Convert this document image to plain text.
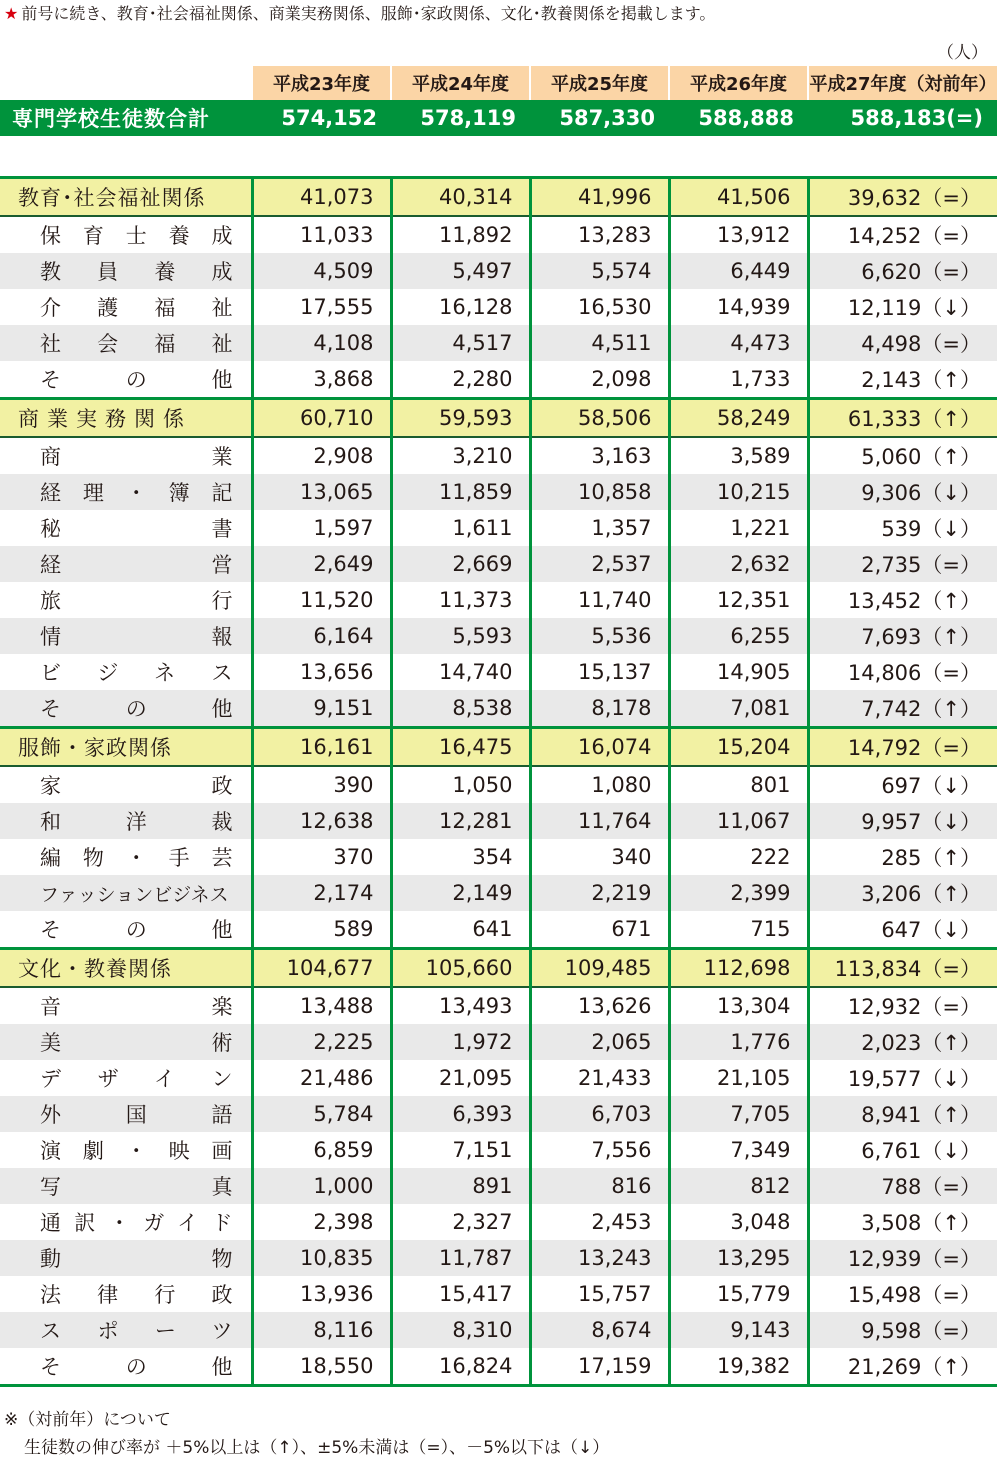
★ 前号に続き、教育･社会福祉関係、商業実務関係、服飾･家政関係、文化･教養関係を掲載します。
（人）
	平成23年度	平成24年度	平成25年度	平成26年度	平成27年度（対前年）
専門学校生徒数合計	574,152	578,119	587,330	588,888	588,183(=)

教育･社会福祉関係	41,073	40,314	41,996	41,506	39,632（=）
保育士養成	11,033	11,892	13,283	13,912	14,252（=）
教員養成	4,509	5,497	5,574	6,449	6,620（=）
介護福祉	17,555	16,128	16,530	14,939	12,119（↓）
社会福祉	4,108	4,517	4,511	4,473	4,498（=）
その他	3,868	2,280	2,098	1,733	2,143（↑）
商業実務関係	60,710	59,593	58,506	58,249	61,333（↑）
商業	2,908	3,210	3,163	3,589	5,060（↑）
経理・簿記	13,065	11,859	10,858	10,215	9,306（↓）
秘書	1,597	1,611	1,357	1,221	539（↓）
経営	2,649	2,669	2,537	2,632	2,735（=）
旅行	11,520	11,373	11,740	12,351	13,452（↑）
情報	6,164	5,593	5,536	6,255	7,693（↑）
ビジネス	13,656	14,740	15,137	14,905	14,806（=）
その他	9,151	8,538	8,178	7,081	7,742（↑）
服飾・家政関係	16,161	16,475	16,074	15,204	14,792（=）
家政	390	1,050	1,080	801	697（↓）
和洋裁	12,638	12,281	11,764	11,067	9,957（↓）
編物・手芸	370	354	340	222	285（↑）
ファッションビジネス	2,174	2,149	2,219	2,399	3,206（↑）
その他	589	641	671	715	647（↓）
文化・教養関係	104,677	105,660	109,485	112,698	113,834（=）
音楽	13,488	13,493	13,626	13,304	12,932（=）
美術	2,225	1,972	2,065	1,776	2,023（↑）
デザイン	21,486	21,095	21,433	21,105	19,577（↓）
外国語	5,784	6,393	6,703	7,705	8,941（↑）
演劇・映画	6,859	7,151	7,556	7,349	6,761（↓）
写真	1,000	891	816	812	788（=）
通訳・ガイド	2,398	2,327	2,453	3,048	3,508（↑）
動物	10,835	11,787	13,243	13,295	12,939（=）
法律行政	13,936	15,417	15,757	15,779	15,498（=）
スポーツ	8,116	8,310	8,674	9,143	9,598（=）
その他	18,550	16,824	17,159	19,382	21,269（↑）
※（対前年）について
生徒数の伸び率が ＋5%以上は（↑）、±5%未満は（=）、－5%以下は（↓）
